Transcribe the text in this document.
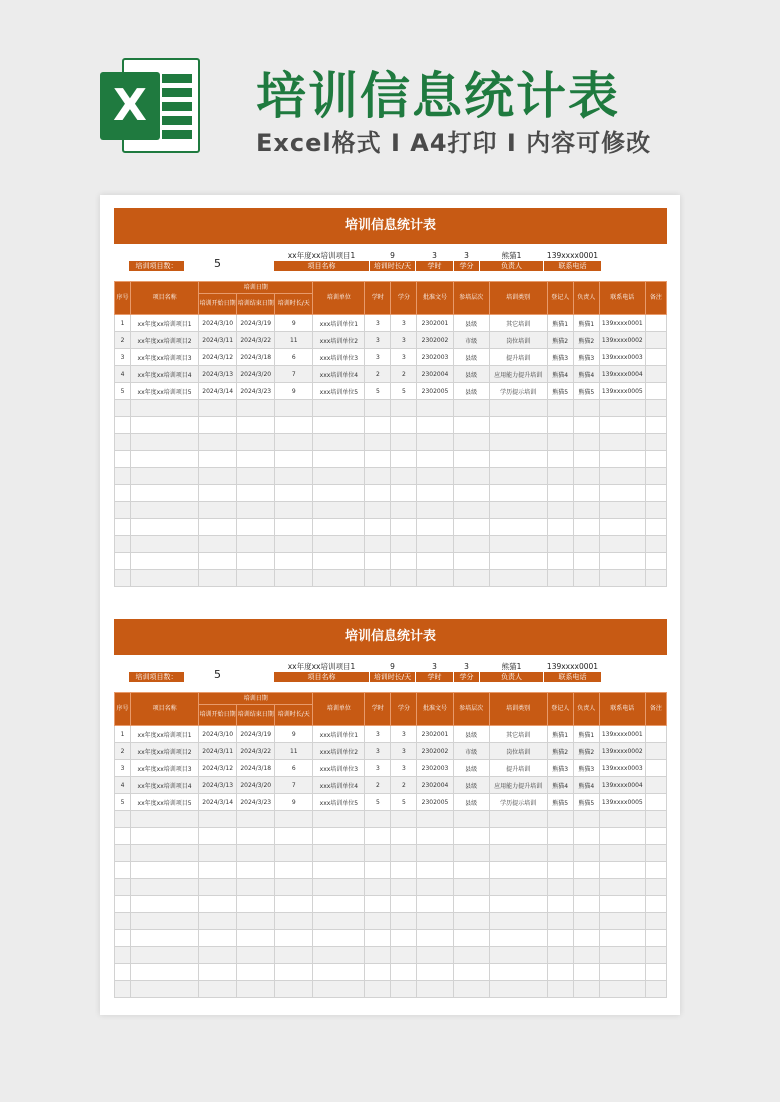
X 培训信息统计表
Excel格式 I A4打印 I 内容可修改
培训信息统计表
培训项目数：	5
xx年度xx培训项目1
项目名称
9
培训时长/天
3
学时
3
学分
熊猫1
负责人
139xxxx0001
联系电话
序号	项目名称	培训日期			培训单位	学时	学分	批准文号	参培层次	培训类别	登记人	负责人	联系电话	备注
		培训开始日期	培训结束日期	培训时长/天										
1	xx年度xx培训项目1	2024/3/10	2024/3/19	9	xxx培训单位1	3	3	2302001	县级	其它培训	熊猫1	熊猫1	139xxxx0001	
2	xx年度xx培训项目2	2024/3/11	2024/3/22	11	xxx培训单位2	3	3	2302002	市级	岗位培训	熊猫2	熊猫2	139xxxx0002	
3	xx年度xx培训项目3	2024/3/12	2024/3/18	6	xxx培训单位3	3	3	2302003	县级	提升培训	熊猫3	熊猫3	139xxxx0003	
4	xx年度xx培训项目4	2024/3/13	2024/3/20	7	xxx培训单位4	2	2	2302004	县级	应用能力提升培训	熊猫4	熊猫4	139xxxx0004	
5	xx年度xx培训项目5	2024/3/14	2024/3/23	9	xxx培训单位5	5	5	2302005	县级	学历提示培训	熊猫5	熊猫5	139xxxx0005	

培训信息统计表
培训项目数：	5
xx年度xx培训项目1
项目名称
9
培训时长/天
3
学时
3
学分
熊猫1
负责人
139xxxx0001
联系电话
序号	项目名称	培训日期			培训单位	学时	学分	批准文号	参培层次	培训类别	登记人	负责人	联系电话	备注
		培训开始日期	培训结束日期	培训时长/天										
1	xx年度xx培训项目1	2024/3/10	2024/3/19	9	xxx培训单位1	3	3	2302001	县级	其它培训	熊猫1	熊猫1	139xxxx0001	
2	xx年度xx培训项目2	2024/3/11	2024/3/22	11	xxx培训单位2	3	3	2302002	市级	岗位培训	熊猫2	熊猫2	139xxxx0002	
3	xx年度xx培训项目3	2024/3/12	2024/3/18	6	xxx培训单位3	3	3	2302003	县级	提升培训	熊猫3	熊猫3	139xxxx0003	
4	xx年度xx培训项目4	2024/3/13	2024/3/20	7	xxx培训单位4	2	2	2302004	县级	应用能力提升培训	熊猫4	熊猫4	139xxxx0004	
5	xx年度xx培训项目5	2024/3/14	2024/3/23	9	xxx培训单位5	5	5	2302005	县级	学历提示培训	熊猫5	熊猫5	139xxxx0005	
